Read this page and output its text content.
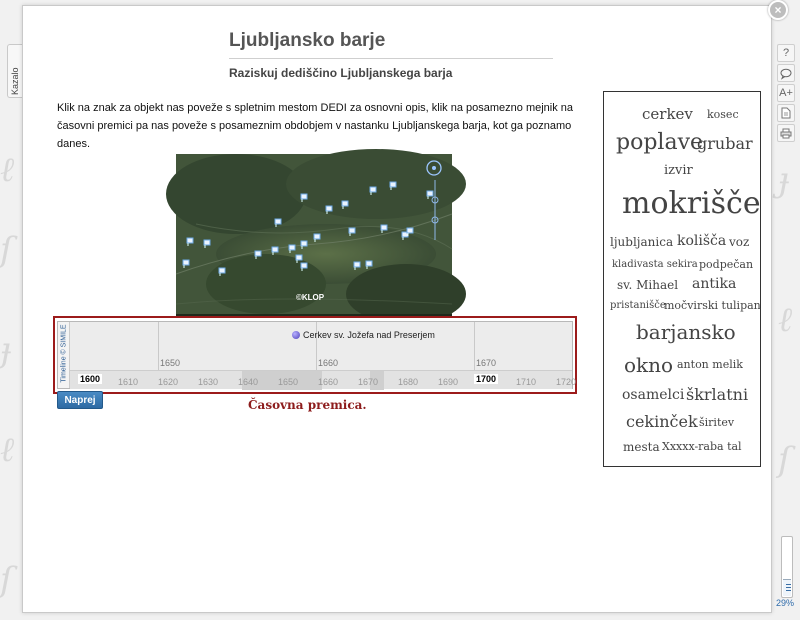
ℓ
ſ
ɟ
ℓ
ſ
ɟ
ℓ
ſ
Kazalo
×
?
A+
29%
Ljubljansko barje
Raziskuj dediščino Ljubljanskega barja
Klik na znak za objekt nas poveže s spletnim mestom DEDI za osnovni opis, klik na posamezno mejnik na časovni premici pa nas poveže s posameznim obdobjem v nastanku Ljubljanskega barja, kot ga poznamo danes.
©KLOP
Timeline © SIMILE	1650	1660	1670
Cerkev sv. Jožefa nad Preserjem
1600	1700
1610 1620 1630 1640 1650 1660 1670 1680 1690	1710 1720
Časovna premica.
Naprej
cerkev kosec
poplave
grubar
izvir
mokrišče
ljubljanica kolišča voz
kladivasta sekira podpečan
sv. Mihael antika
pristanišče
močvirski tulipan
barjansko
okno anton melik
osamelci škrlatni
cekinček širitev
mesta Xxxxx-raba tal
